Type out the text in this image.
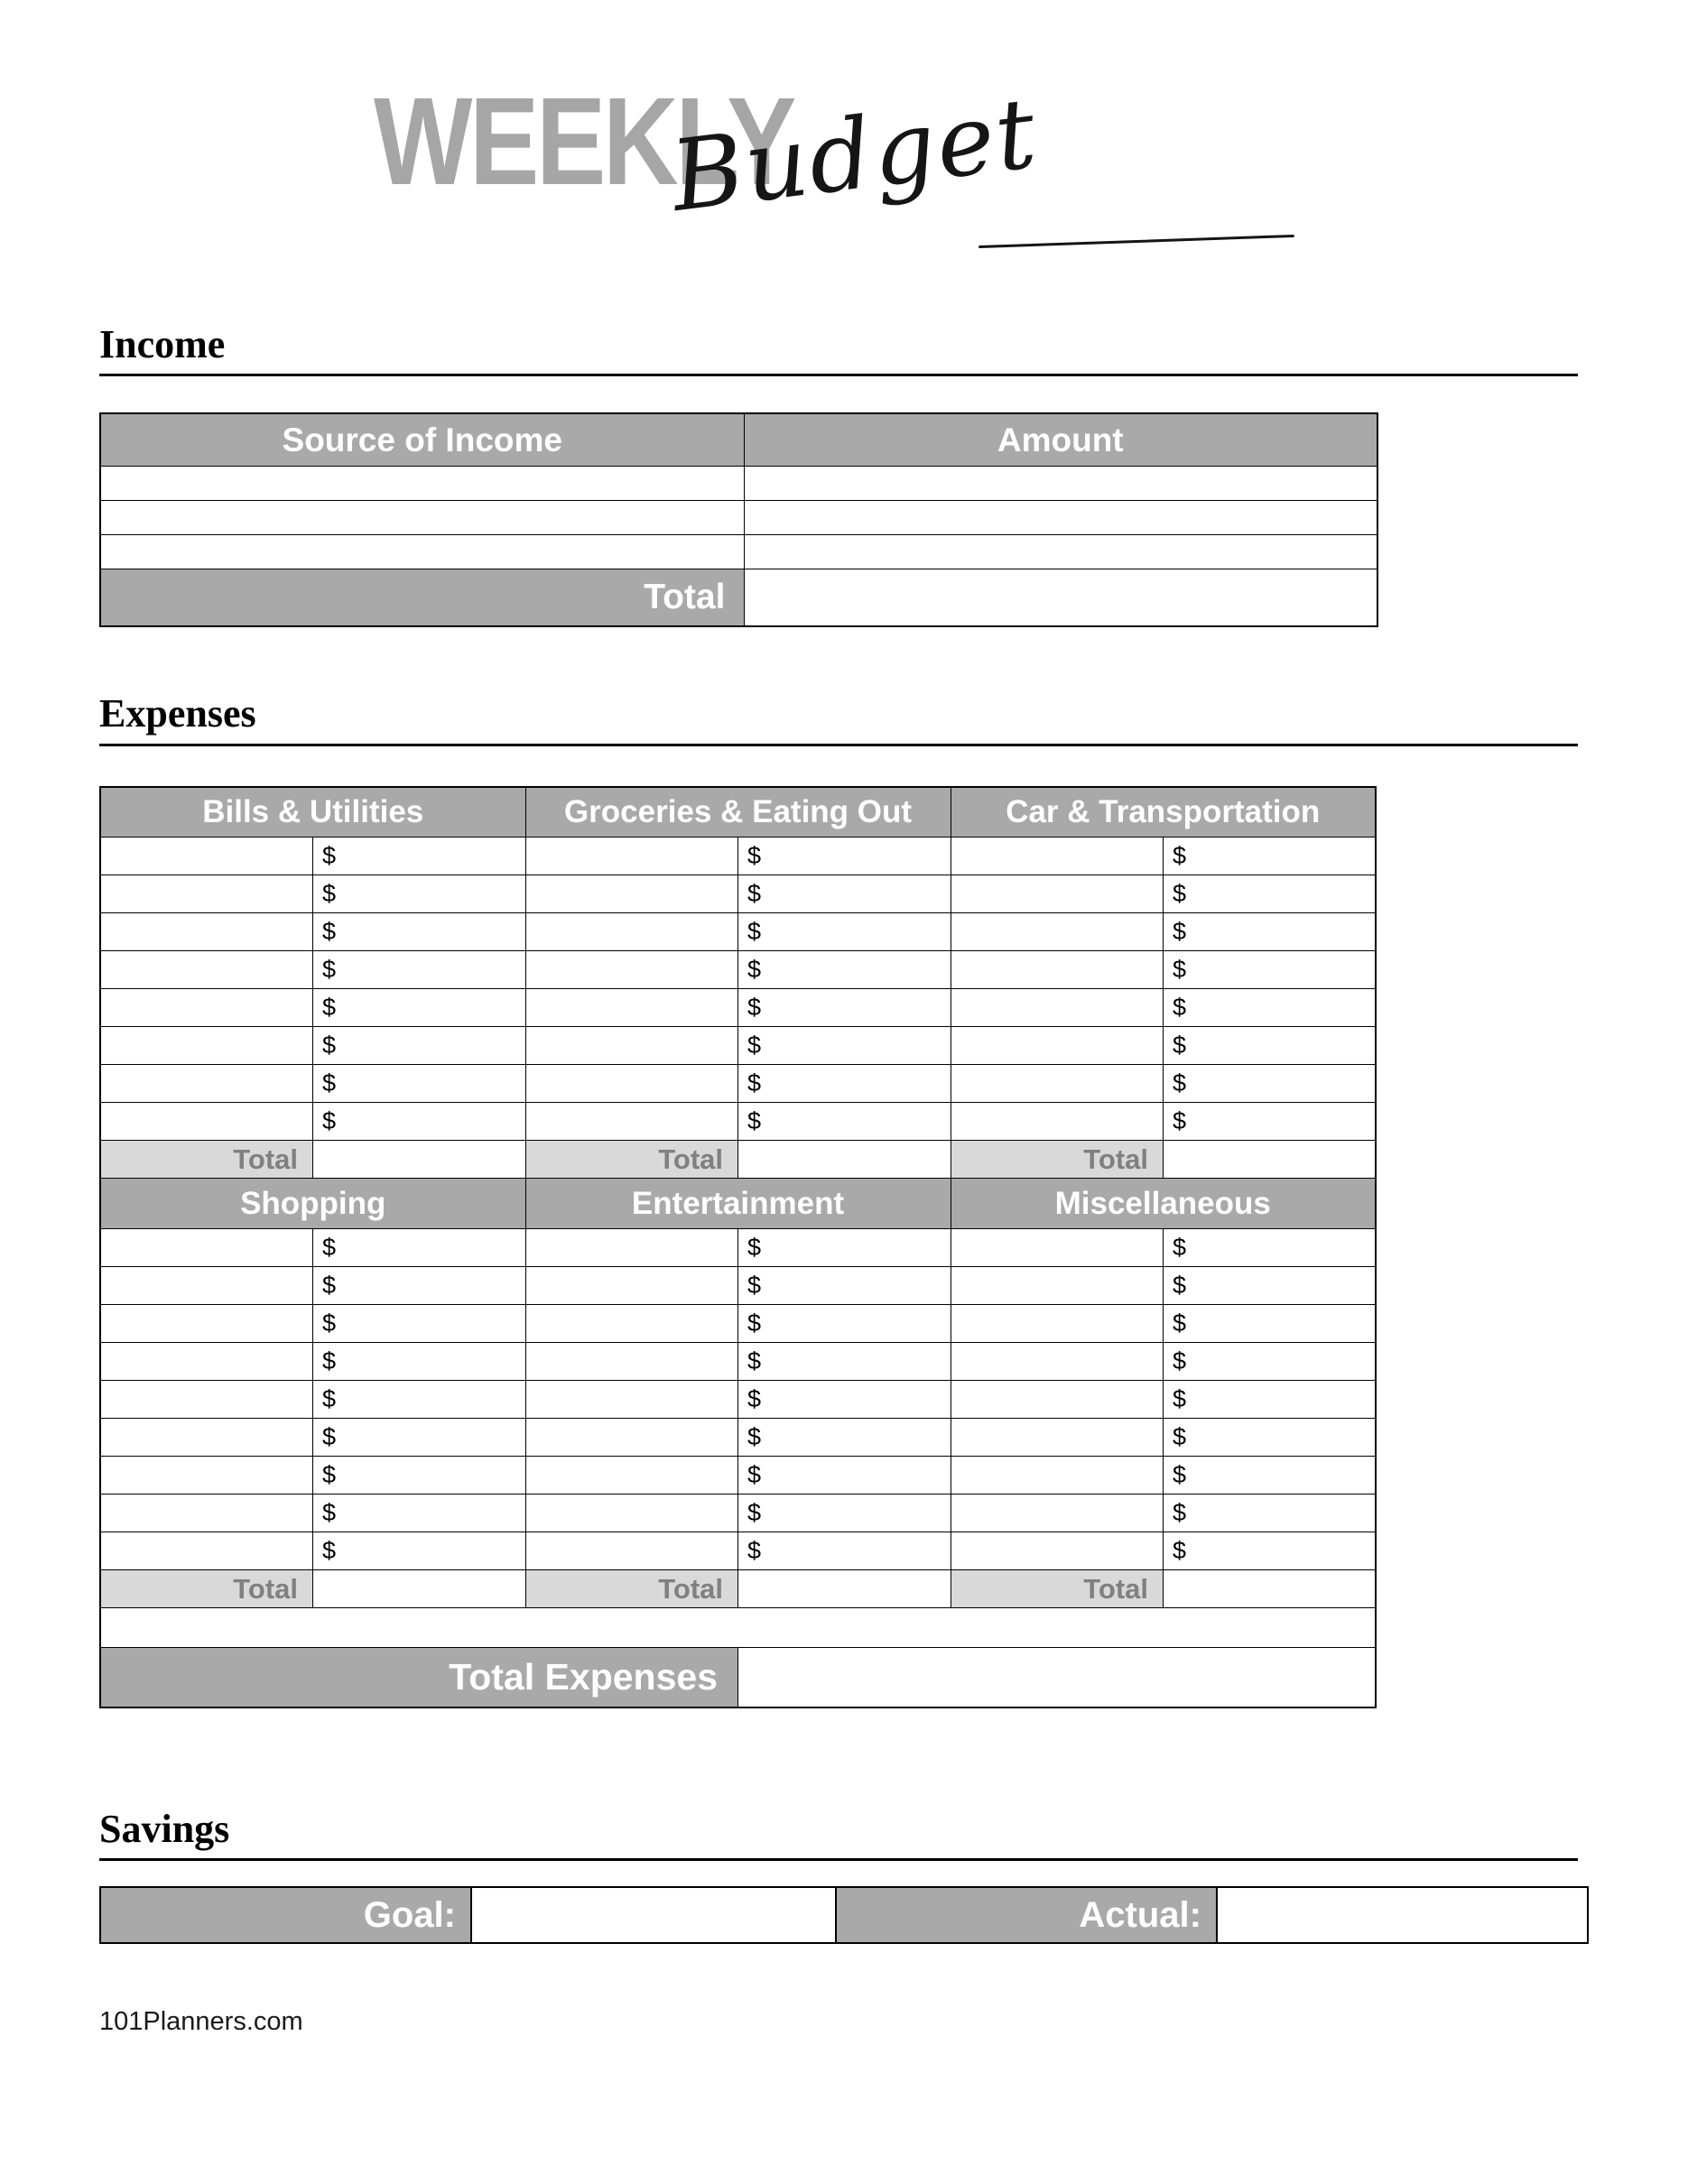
WEEKLY
Budget
Income
Source of Income	Amount

Total	
Expenses
Bills & Utilities		Groceries & Eating Out		Car & Transportation	
	$		$		$
	$		$		$
	$		$		$
	$		$		$
	$		$		$
	$		$		$
	$		$		$
	$		$		$
Total		Total		Total	
Shopping		Entertainment		Miscellaneous	
	$		$		$
	$		$		$
	$		$		$
	$		$		$
	$		$		$
	$		$		$
	$		$		$
	$		$		$
	$		$		$
Total		Total		Total	

Total Expenses					
Savings
Goal:	Actual:
101Planners.com
